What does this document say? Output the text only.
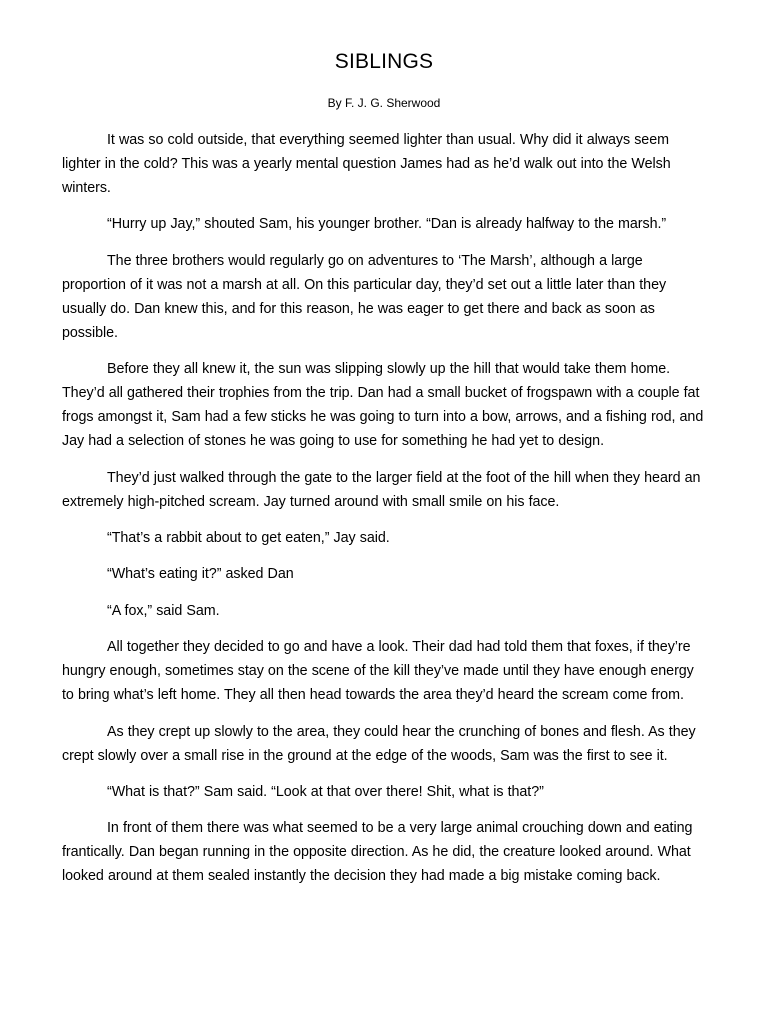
SIBLINGS
By F. J. G. Sherwood

It was so cold outside, that everything seemed lighter than usual. Why did it always seem lighter in the cold? This was a yearly mental question James had as he’d walk out into the Welsh winters.

“Hurry up Jay,” shouted Sam, his younger brother. “Dan is already halfway to the marsh.”

The three brothers would regularly go on adventures to ‘The Marsh’, although a large proportion of it was not a marsh at all. On this particular day, they’d set out a little later than they usually do. Dan knew this, and for this reason, he was eager to get there and back as soon as possible.

Before they all knew it, the sun was slipping slowly up the hill that would take them home. They’d all gathered their trophies from the trip. Dan had a small bucket of frogspawn with a couple fat frogs amongst it, Sam had a few sticks he was going to turn into a bow, arrows, and a fishing rod, and Jay had a selection of stones he was going to use for something he had yet to design.

They’d just walked through the gate to the larger field at the foot of the hill when they heard an extremely high-pitched scream. Jay turned around with small smile on his face.

“That’s a rabbit about to get eaten,” Jay said.

“What’s eating it?” asked Dan

“A fox,” said Sam.

All together they decided to go and have a look. Their dad had told them that foxes, if they’re hungry enough, sometimes stay on the scene of the kill they’ve made until they have enough energy to bring what’s left home. They all then head towards the area they’d heard the scream come from.

As they crept up slowly to the area, they could hear the crunching of bones and flesh. As they crept slowly over a small rise in the ground at the edge of the woods, Sam was the first to see it.

“What is that?” Sam said. “Look at that over there! Shit, what is that?”

In front of them there was what seemed to be a very large animal crouching down and eating frantically. Dan began running in the opposite direction. As he did, the creature looked around. What looked around at them sealed instantly the decision they had made a big mistake coming back.
